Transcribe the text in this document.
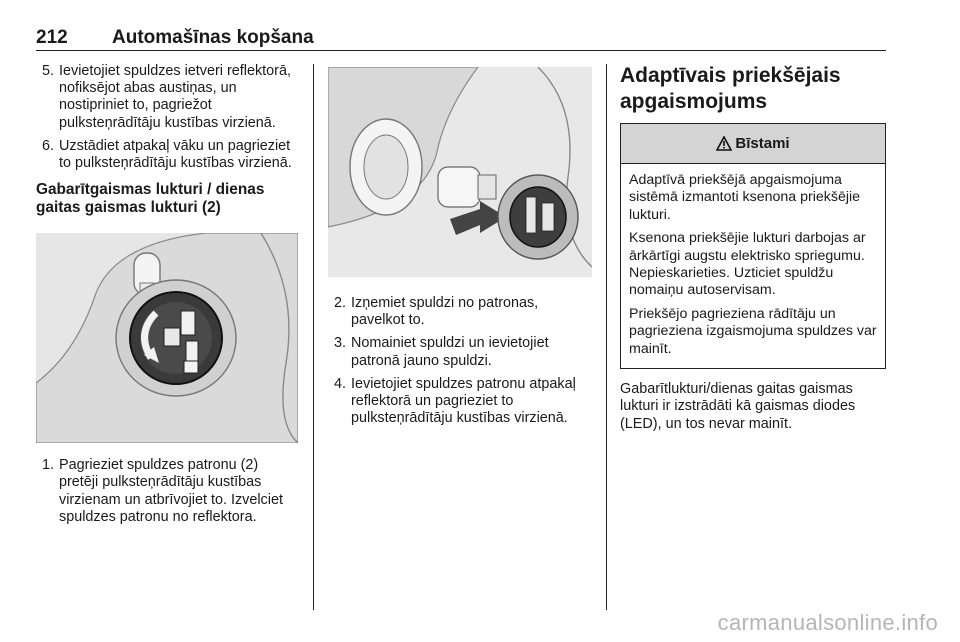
212 Automašīnas kopšana
5. Ievietojiet spuldzes ietveri reflektorā, nofiksējot abas austiņas, un nostipriniet to, pagriežot pulksteņrādītāju kustības virzienā.
6. Uzstādiet atpakaļ vāku un pagrieziet to pulksteņrādītāju kustības virzienā.
Gabarītgaismas lukturi / dienas gaitas gaismas lukturi (2)
1. Pagrieziet spuldzes patronu (2) pretēji pulksteņrādītāju kustības virzienam un atbrīvojiet to. Izvelciet spuldzes patronu no reflektora.
2. Izņemiet spuldzi no patronas, pavelkot to.
3. Nomainiet spuldzi un ievietojiet patronā jauno spuldzi.
4. Ievietojiet spuldzes patronu atpakaļ reflektorā un pagrieziet to pulksteņrādītāju kustības virzienā.
Adaptīvais priekšējais apgaismojums
Bīstami

Adaptīvā priekšējā apgaismojuma sistēmā izmantoti ksenona priekšējie lukturi.

Ksenona priekšējie lukturi darbojas ar ārkārtīgi augstu elektrisko spriegumu. Nepieskarieties. Uzticiet spuldžu nomaiņu autoservisam.

Priekšējo pagrieziena rādītāju un pagrieziena izgaismojuma spuldzes var mainīt.

Gabarītlukturi/dienas gaitas gaismas lukturi ir izstrādāti kā gaismas diodes (LED), un tos nevar mainīt.

carmanualsonline.info
